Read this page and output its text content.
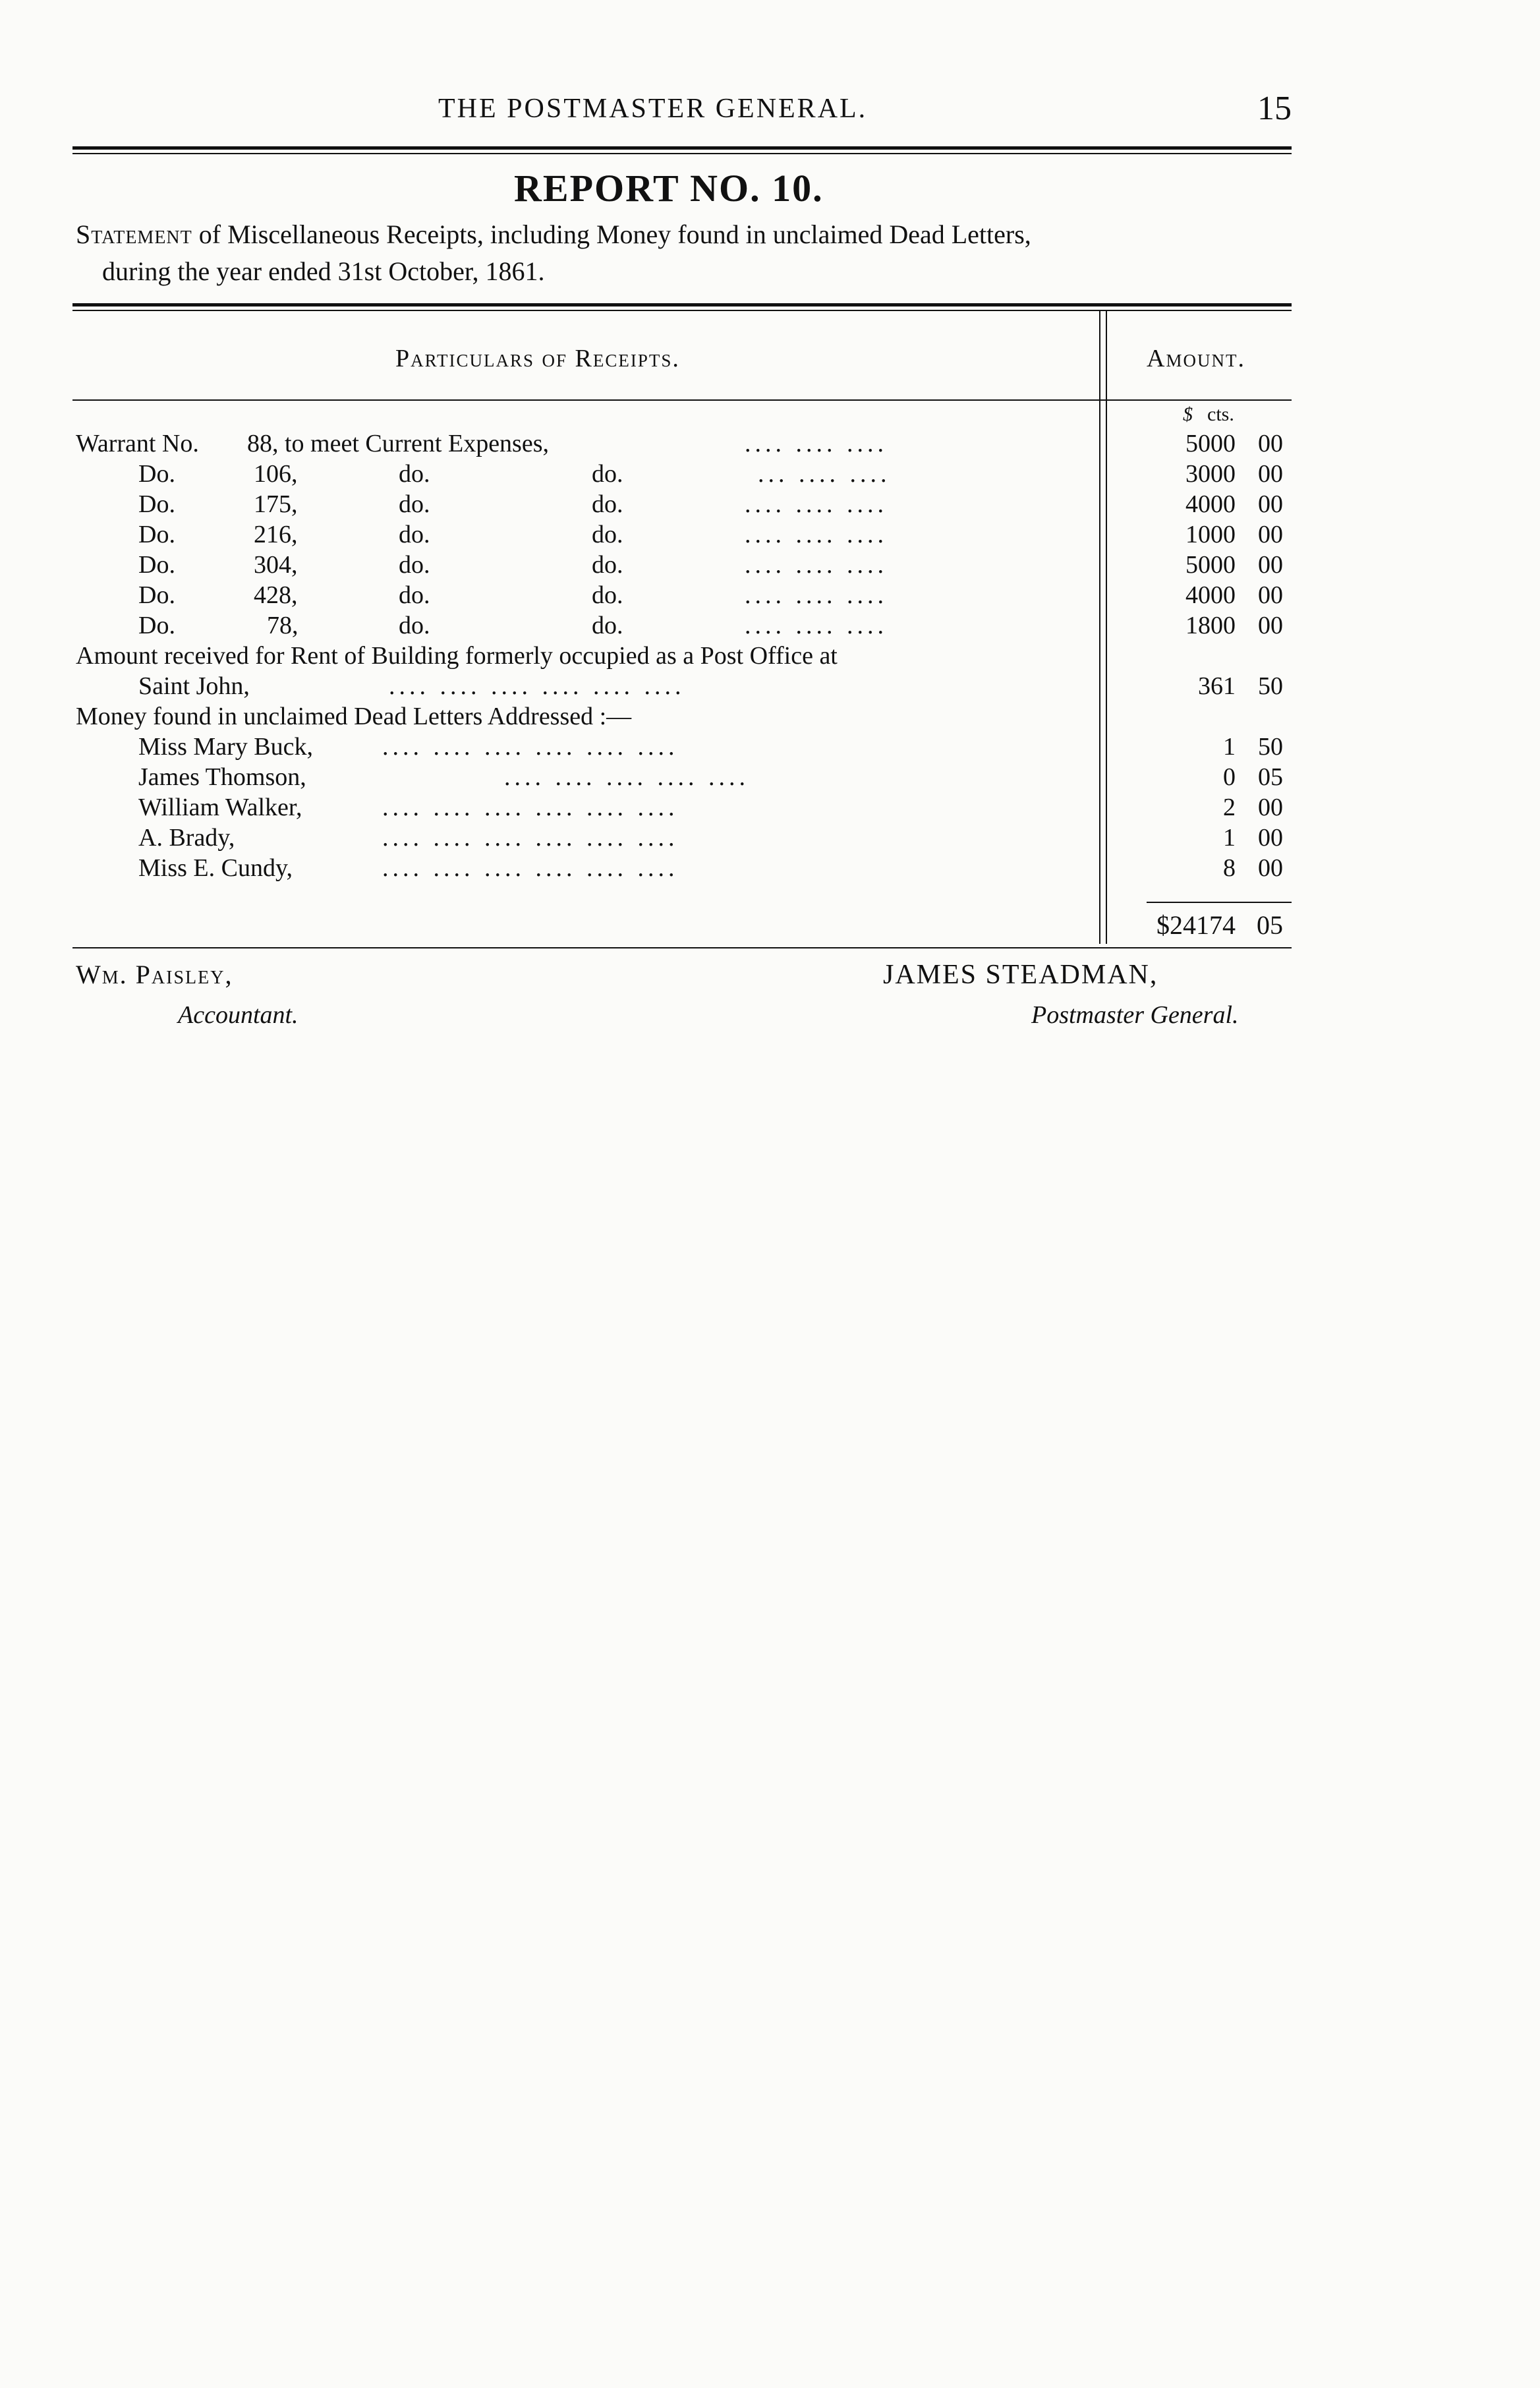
THE POSTMASTER GENERAL.	15
REPORT NO. 10.
Statement of Miscellaneous Receipts, including Money found in unclaimed Dead Letters,
during the year ended 31st October, 1861.
Particulars of Receipts.	Amount.
$ cts.
Warrant No. 88, to meet Current Expenses,	.... .... ....	5000 00
Do.	106,	do.	do.	... .... ....	3000 00
Do.	175,	do.	do.	.... .... ....	4000 00
Do.	216,	do.	do.	.... .... ....	1000 00
Do.	304,	do.	do.	.... .... ....	5000 00
Do.	428,	do.	do.	.... .... ....	4000 00
Do.	78,	do.	do.	.... .... ....	1800 00
Amount received for Rent of Building formerly occupied as a Post Office at
Saint John,	.... .... .... .... .... ....	361 50
Money found in unclaimed Dead Letters Addressed :—
Miss Mary Buck,	.... .... .... .... .... ....	1 50
James Thomson,	.... .... .... .... ....	0 05
William Walker,	.... .... .... .... .... ....	2 00
A. Brady,	.... .... .... .... .... ....	1 00
Miss E. Cundy,	.... .... .... .... .... ....	8 00
$24174 05
Wm. Paisley,
Accountant.
JAMES STEADMAN,
Postmaster General.
